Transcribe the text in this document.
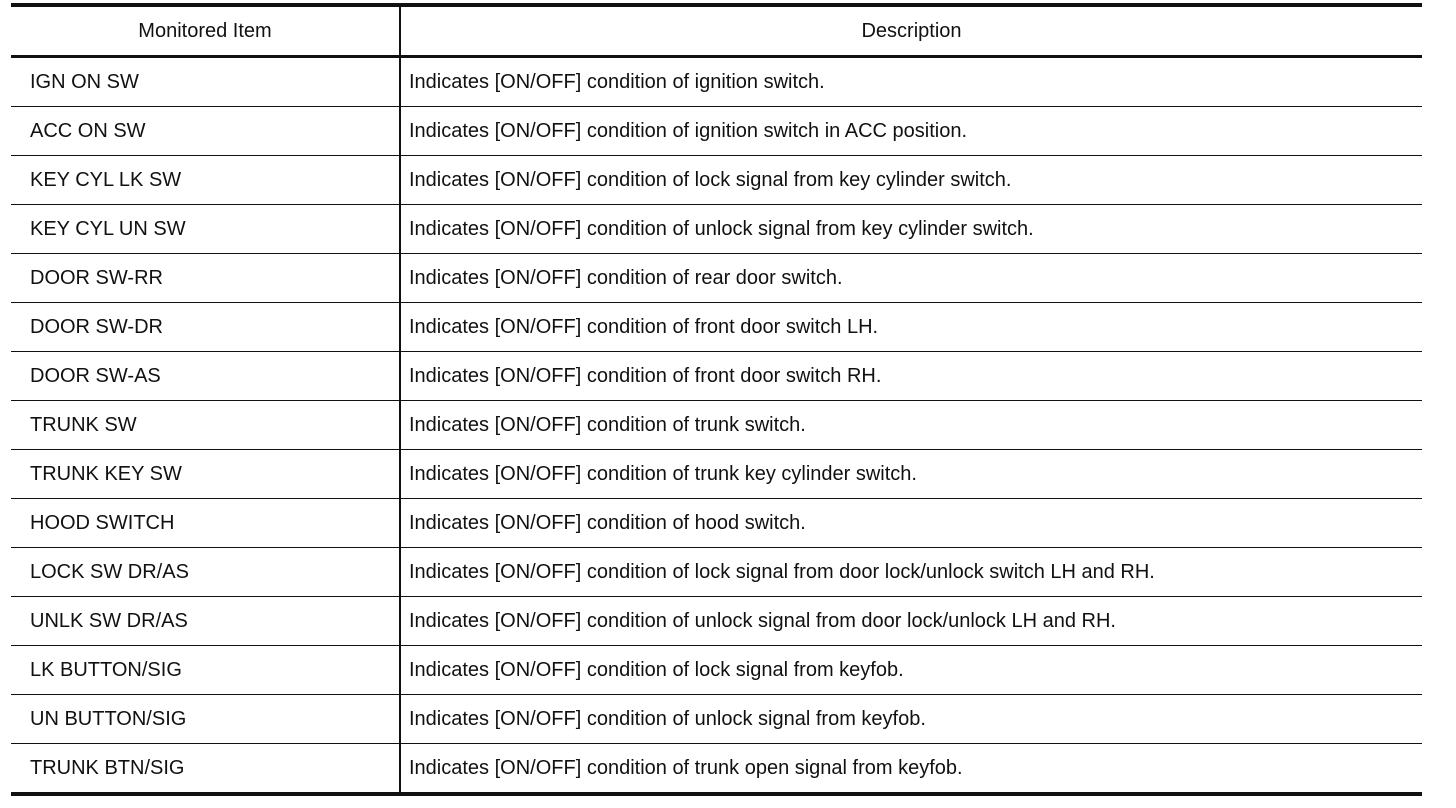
Monitored Item	Description
IGN ON SW	Indicates [ON/OFF] condition of ignition switch.
ACC ON SW	Indicates [ON/OFF] condition of ignition switch in ACC position.
KEY CYL LK SW	Indicates [ON/OFF] condition of lock signal from key cylinder switch.
KEY CYL UN SW	Indicates [ON/OFF] condition of unlock signal from key cylinder switch.
DOOR SW-RR	Indicates [ON/OFF] condition of rear door switch.
DOOR SW-DR	Indicates [ON/OFF] condition of front door switch LH.
DOOR SW-AS	Indicates [ON/OFF] condition of front door switch RH.
TRUNK SW	Indicates [ON/OFF] condition of trunk switch.
TRUNK KEY SW	Indicates [ON/OFF] condition of trunk key cylinder switch.
HOOD SWITCH	Indicates [ON/OFF] condition of hood switch.
LOCK SW DR/AS	Indicates [ON/OFF] condition of lock signal from door lock/unlock switch LH and RH.
UNLK SW DR/AS	Indicates [ON/OFF] condition of unlock signal from door lock/unlock LH and RH.
LK BUTTON/SIG	Indicates [ON/OFF] condition of lock signal from keyfob.
UN BUTTON/SIG	Indicates [ON/OFF] condition of unlock signal from keyfob.
TRUNK BTN/SIG	Indicates [ON/OFF] condition of trunk open signal from keyfob.
